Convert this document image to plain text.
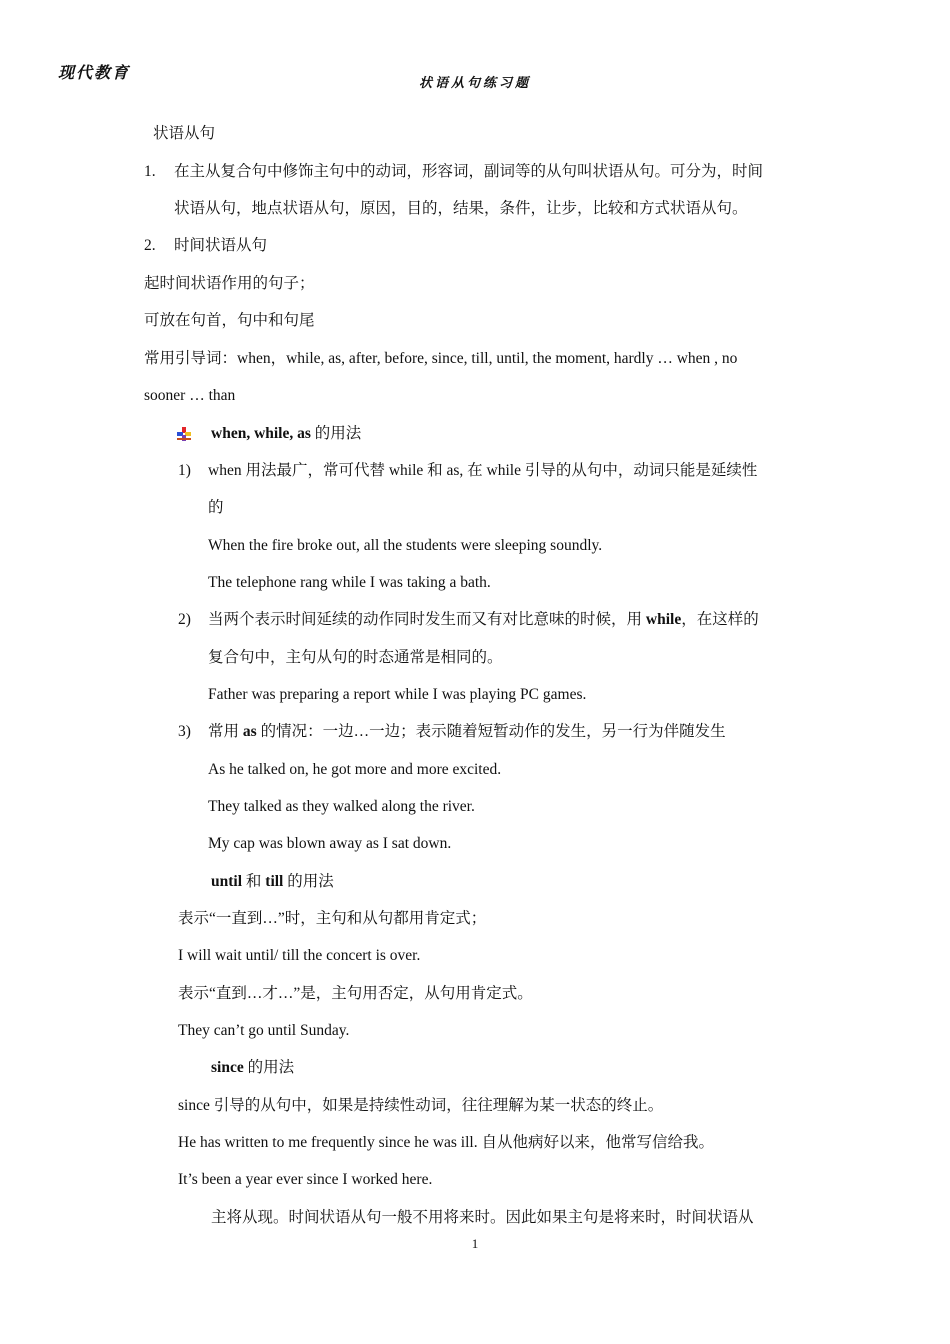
现代教育
状语从句练习题
状语从句
1. 在主从复合句中修饰主句中的动词，形容词，副词等的从句叫状语从句。可分为，时间
状语从句，地点状语从句，原因，目的，结果，条件，让步，比较和方式状语从句。
2. 时间状语从句
起时间状语作用的句子；
可放在句首，句中和句尾
常用引导词：when，while, as, after, before, since, till, until, the moment, hardly … when , no
sooner … than
when, while, as 的用法
1) when 用法最广，常可代替 while 和 as, 在 while 引导的从句中，动词只能是延续性
的
When the fire broke out, all the students were sleeping soundly.
The telephone rang while I was taking a bath.
2) 当两个表示时间延续的动作同时发生而又有对比意味的时候，用 while，在这样的
复合句中，主句从句的时态通常是相同的。
Father was preparing a report while I was playing PC games.
3) 常用 as 的情况：一边…一边；表示随着短暂动作的发生，另一行为伴随发生
As he talked on, he got more and more excited.
They talked as they walked along the river.
My cap was blown away as I sat down.
until 和 till 的用法
表示“一直到…”时，主句和从句都用肯定式；
I will wait until/ till the concert is over.
表示“直到…才…”是，主句用否定，从句用肯定式。
They can’t go until Sunday.
since 的用法
since 引导的从句中，如果是持续性动词，往往理解为某一状态的终止。
He has written to me frequently since he was ill. 自从他病好以来，他常写信给我。
It’s been a year ever since I worked here.
主将从现。时间状语从句一般不用将来时。因此如果主句是将来时，时间状语从
1
